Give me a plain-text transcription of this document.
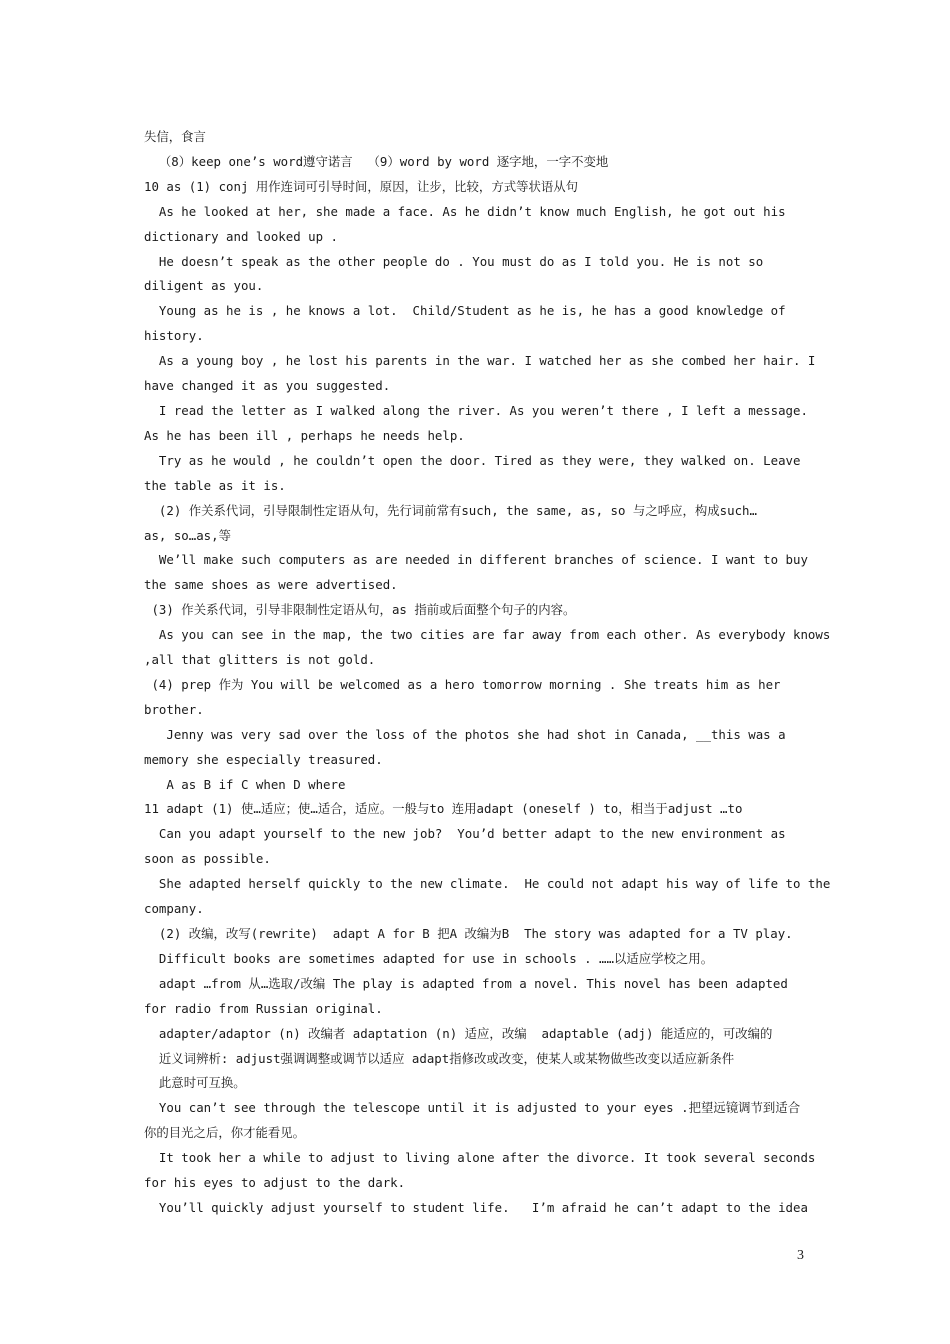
失信，食言
（8）keep one’s word遵守诺言  （9）word by word 逐字地，一字不变地
10 as (1) conj 用作连词可引导时间，原因，让步，比较，方式等状语从句
As he looked at her, she made a face. As he didn’t know much English, he got out his
dictionary and looked up .
He doesn’t speak as the other people do . You must do as I told you. He is not so
diligent as you.
Young as he is , he knows a lot.  Child/Student as he is, he has a good knowledge of
history.
As a young boy , he lost his parents in the war. I watched her as she combed her hair. I
have changed it as you suggested.
I read the letter as I walked along the river. As you weren’t there , I left a message.
As he has been ill , perhaps he needs help.
Try as he would , he couldn’t open the door. Tired as they were, they walked on. Leave
the table as it is.
(2) 作关系代词，引导限制性定语从句，先行词前常有such, the same, as, so 与之呼应，构成such…
as, so…as,等
We’ll make such computers as are needed in different branches of science. I want to buy
the same shoes as were advertised.
(3) 作关系代词，引导非限制性定语从句，as 指前或后面整个句子的内容。
As you can see in the map, the two cities are far away from each other. As everybody knows
,all that glitters is not gold.
(4) prep 作为 You will be welcomed as a hero tomorrow morning . She treats him as her
brother.
Jenny was very sad over the loss of the photos she had shot in Canada, __this was a
memory she especially treasured.
A as B if C when D where
11 adapt (1) 使…适应；使…适合，适应。一般与to 连用adapt (oneself ) to，相当于adjust …to
Can you adapt yourself to the new job?  You’d better adapt to the new environment as
soon as possible.
She adapted herself quickly to the new climate.  He could not adapt his way of life to the
company.
(2) 改编，改写(rewrite)  adapt A for B 把A 改编为B  The story was adapted for a TV play.
Difficult books are sometimes adapted for use in schools . ……以适应学校之用。
adapt …from 从…选取/改编 The play is adapted from a novel. This novel has been adapted
for radio from Russian original.
adapter/adaptor (n) 改编者 adaptation (n) 适应，改编  adaptable (adj) 能适应的，可改编的
近义词辨析: adjust强调调整或调节以适应 adapt指修改或改变，使某人或某物做些改变以适应新条件
此意时可互换。
You can’t see through the telescope until it is adjusted to your eyes .把望远镜调节到适合
你的目光之后，你才能看见。
It took her a while to adjust to living alone after the divorce. It took several seconds
for his eyes to adjust to the dark.
You’ll quickly adjust yourself to student life.   I’m afraid he can’t adapt to the idea
3
